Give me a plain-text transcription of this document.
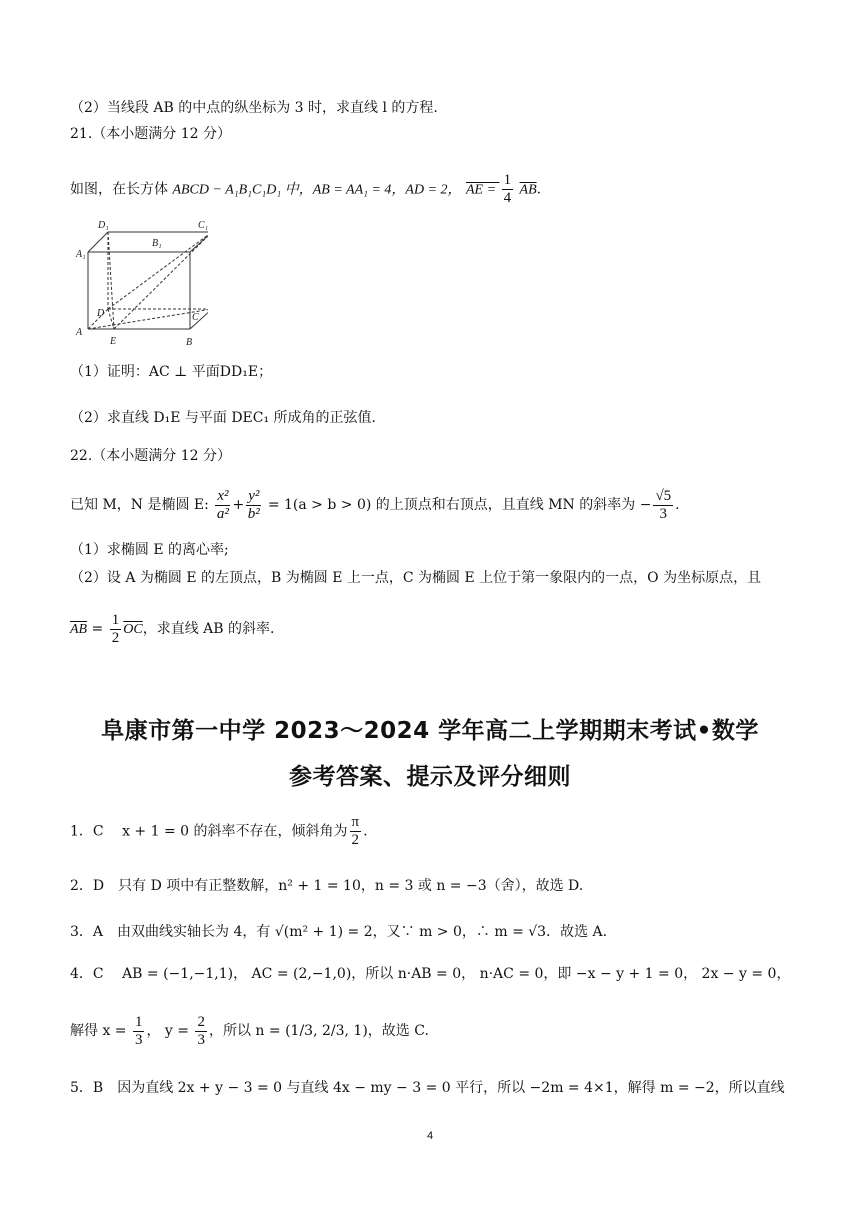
（2）当线段 AB 的中点的纵坐标为 3 时，求直线 l 的方程.
21.（本小题满分 12 分）
如图，在长方体 ABCD − A₁B₁C₁D₁ 中，AB = AA₁ = 4，AD = 2， AE = $\frac{1}{4} \overline{AB}$.
A₁
D₁
B₁
C₁
A
D
E	B
C
（1）证明：AC ⊥ 平面DD₁E；
（2）求直线 D₁E 与平面 DEC₁ 所成角的正弦值.
22.（本小题满分 12 分）
已知 M，N 是椭圆 E: $\frac{\text{x²}}{\text{a²}} + \frac{\text{y²}}{\text{b²}} = 1(a > b > 0)$ 的上顶点和右顶点，且直线 MN 的斜率为 − $\frac{√5}{3}$ .
（1）求椭圆 E 的离心率;
（2）设 A 为椭圆 E 的左顶点，B 为椭圆 E 上一点，C 为椭圆 E 上位于第一象限内的一点，O 为坐标原点，且
$\overline{AB} = \frac{1}{2} \overline{OC}$，求直线 AB 的斜率.
阜康市第一中学 2023～2024 学年高二上学期期末考试•数学
参考答案、提示及评分细则
1．C　 x + 1 = 0 的斜率不存在，倾斜角为 $\frac{\pi}{2}$ .
2．D　只有 D 项中有正整数解，n² + 1 = 10，n = 3 或 n = −3（舍），故选 D.
3．A　由双曲线实轴长为 4，有 √(m² + 1) = 2，又∵ m > 0，∴ m = √3．故选 A.
4．C　 AB = (−1,−1,1)， AC = (2,−1,0)，所以 n·AB = 0， n·AC = 0，即 −x − y + 1 = 0， 2x − y = 0，
解得 $x = \frac{1}{3}$ ， $y = \frac{2}{3}$ ，所以 n = (1/3, 2/3, 1)，故选 C.
5．B　因为直线 2x + y − 3 = 0 与直线 4x − my − 3 = 0 平行，所以 −2m = 4×1，解得 m = −2，所以直线
4
